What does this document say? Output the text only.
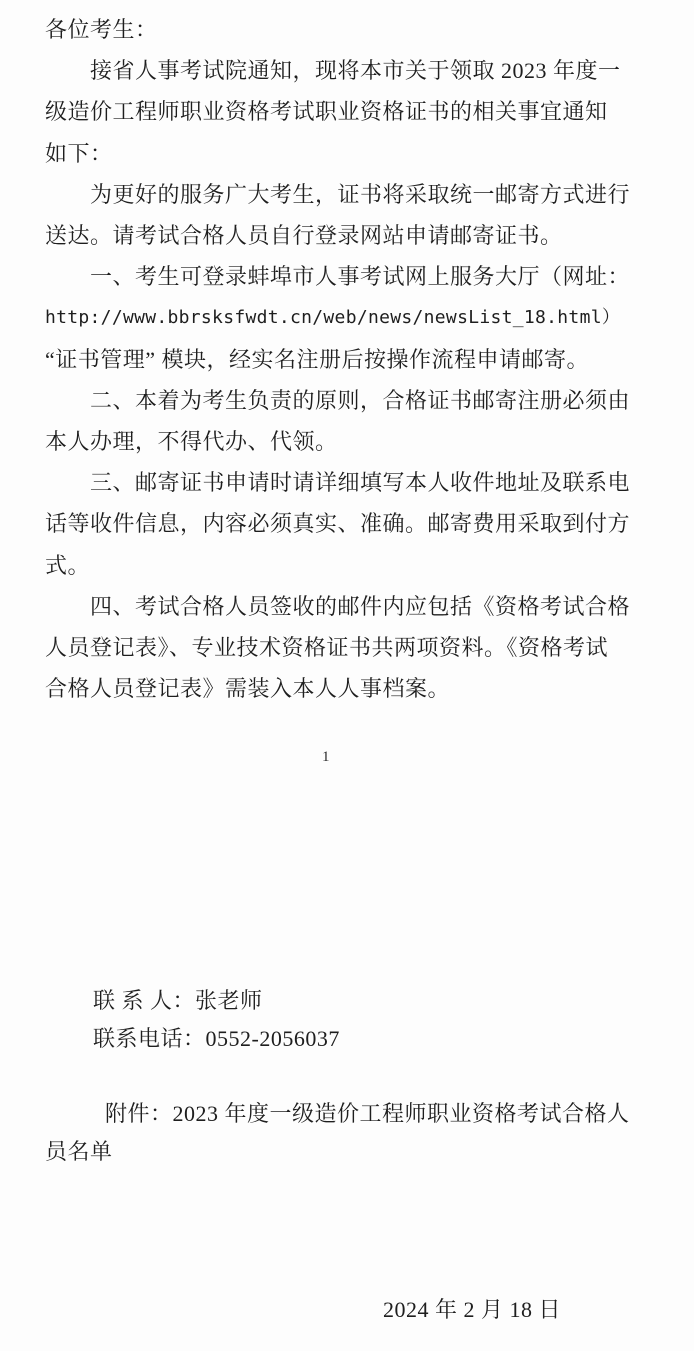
各位考生：
　　接省人事考试院通知，现将本市关于领取 2023 年度一
级造价工程师职业资格考试职业资格证书的相关事宜通知
如下：
　　为更好的服务广大考生，证书将采取统一邮寄方式进行
送达。请考试合格人员自行登录网站申请邮寄证书。
　　一、考生可登录蚌埠市人事考试网上服务大厅（网址：
http://www.bbrsksfwdt.cn/web/news/newsList_18.html）
“证书管理” 模块，经实名注册后按操作流程申请邮寄。
　　二、本着为考生负责的原则，合格证书邮寄注册必须由
本人办理，不得代办、代领。
　　三、邮寄证书申请时请详细填写本人收件地址及联系电
话等收件信息，内容必须真实、准确。邮寄费用采取到付方
式。
　　四、考试合格人员签收的邮件内应包括《资格考试合格
人员登记表》、专业技术资格证书共两项资料。《资格考试
合格人员登记表》需装入本人人事档案。
1
联 系 人：张老师
联系电话：0552-2056037
附件：2023 年度一级造价工程师职业资格考试合格人
员名单
2024 年 2 月 18 日
